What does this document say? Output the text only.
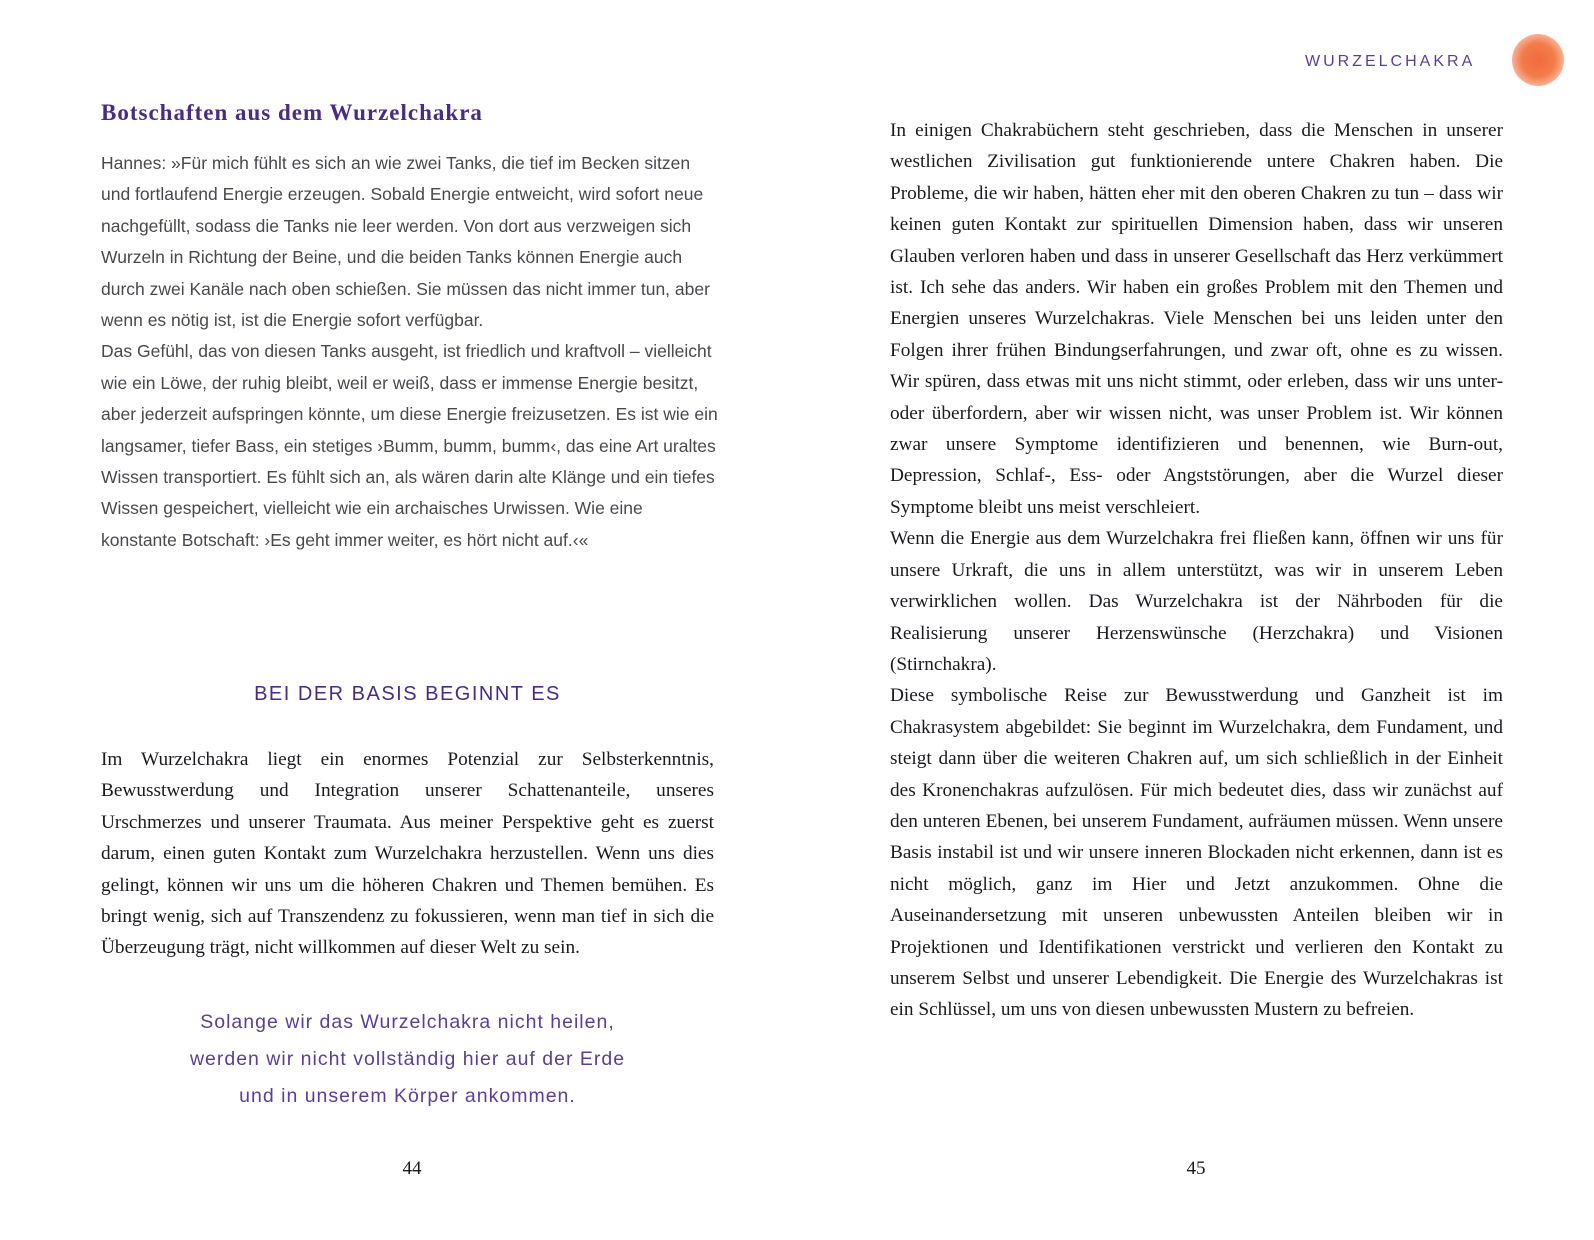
Botschaften aus dem Wurzelchakra

Hannes: »Für mich fühlt es sich an wie zwei Tanks, die tief im Becken sitzen und fortlaufend Energie erzeugen. Sobald Energie entweicht, wird sofort neue nachgefüllt, sodass die Tanks nie leer werden. Von dort aus verzweigen sich Wurzeln in Richtung der Beine, und die beiden Tanks können Energie auch durch zwei Kanäle nach oben schießen. Sie müssen das nicht immer tun, aber wenn es nötig ist, ist die Energie sofort verfügbar.

Das Gefühl, das von diesen Tanks ausgeht, ist friedlich und kraftvoll – vielleicht wie ein Löwe, der ruhig bleibt, weil er weiß, dass er immense Energie besitzt, aber jederzeit aufspringen könnte, um diese Energie freizusetzen. Es ist wie ein langsamer, tiefer Bass, ein stetiges ›Bumm, bumm, bumm‹, das eine Art uraltes Wissen transportiert. Es fühlt sich an, als wären darin alte Klänge und ein tiefes Wissen gespeichert, vielleicht wie ein archaisches Urwissen. Wie eine konstante Botschaft: ›Es geht immer weiter, es hört nicht auf.‹«

BEI DER BASIS BEGINNT ES

Im Wurzelchakra liegt ein enormes Potenzial zur Selbsterkenntnis, Bewusstwerdung und Integration unserer Schattenanteile, unseres Urschmerzes und unserer Traumata. Aus meiner Perspektive geht es zuerst darum, einen guten Kontakt zum Wurzelchakra herzustellen. Wenn uns dies gelingt, können wir uns um die höheren Chakren und Themen bemühen. Es bringt wenig, sich auf Transzendenz zu fokussieren, wenn man tief in sich die Überzeugung trägt, nicht willkommen auf dieser Welt zu sein.

Solange wir das Wurzelchakra nicht heilen,
werden wir nicht vollständig hier auf der Erde
und in unserem Körper ankommen.
44
WURZELCHAKRA

In einigen Chakrabüchern steht geschrieben, dass die Menschen in unserer westlichen Zivilisation gut funktionierende untere Chakren haben. Die Probleme, die wir haben, hätten eher mit den oberen Chakren zu tun – dass wir keinen guten Kontakt zur spirituellen Dimension haben, dass wir unseren Glauben verloren haben und dass in unserer Gesellschaft das Herz verkümmert ist. Ich sehe das anders. Wir haben ein großes Problem mit den Themen und Energien unseres Wurzelchakras. Viele Menschen bei uns leiden unter den Folgen ihrer frühen Bindungserfahrungen, und zwar oft, ohne es zu wissen. Wir spüren, dass etwas mit uns nicht stimmt, oder erleben, dass wir uns unter- oder überfordern, aber wir wissen nicht, was unser Problem ist. Wir können zwar unsere Symptome identifizieren und benennen, wie Burn-out, Depression, Schlaf-, Ess- oder Angststörungen, aber die Wurzel dieser Symptome bleibt uns meist verschleiert.

Wenn die Energie aus dem Wurzelchakra frei fließen kann, öffnen wir uns für unsere Urkraft, die uns in allem unterstützt, was wir in unserem Leben verwirklichen wollen. Das Wurzelchakra ist der Nährboden für die Realisierung unserer Herzenswünsche (Herzchakra) und Visionen (Stirnchakra).

Diese symbolische Reise zur Bewusstwerdung und Ganzheit ist im Chakrasystem abgebildet: Sie beginnt im Wurzelchakra, dem Fundament, und steigt dann über die weiteren Chakren auf, um sich schließlich in der Einheit des Kronenchakras aufzulösen. Für mich bedeutet dies, dass wir zunächst auf den unteren Ebenen, bei unserem Fundament, aufräumen müssen. Wenn unsere Basis instabil ist und wir unsere inneren Blockaden nicht erkennen, dann ist es nicht möglich, ganz im Hier und Jetzt anzukommen. Ohne die Auseinandersetzung mit unseren unbewussten Anteilen bleiben wir in Projektionen und Identifikationen verstrickt und verlieren den Kontakt zu unserem Selbst und unserer Lebendigkeit. Die Energie des Wurzelchakras ist ein Schlüssel, um uns von diesen unbewussten Mustern zu befreien.

45
